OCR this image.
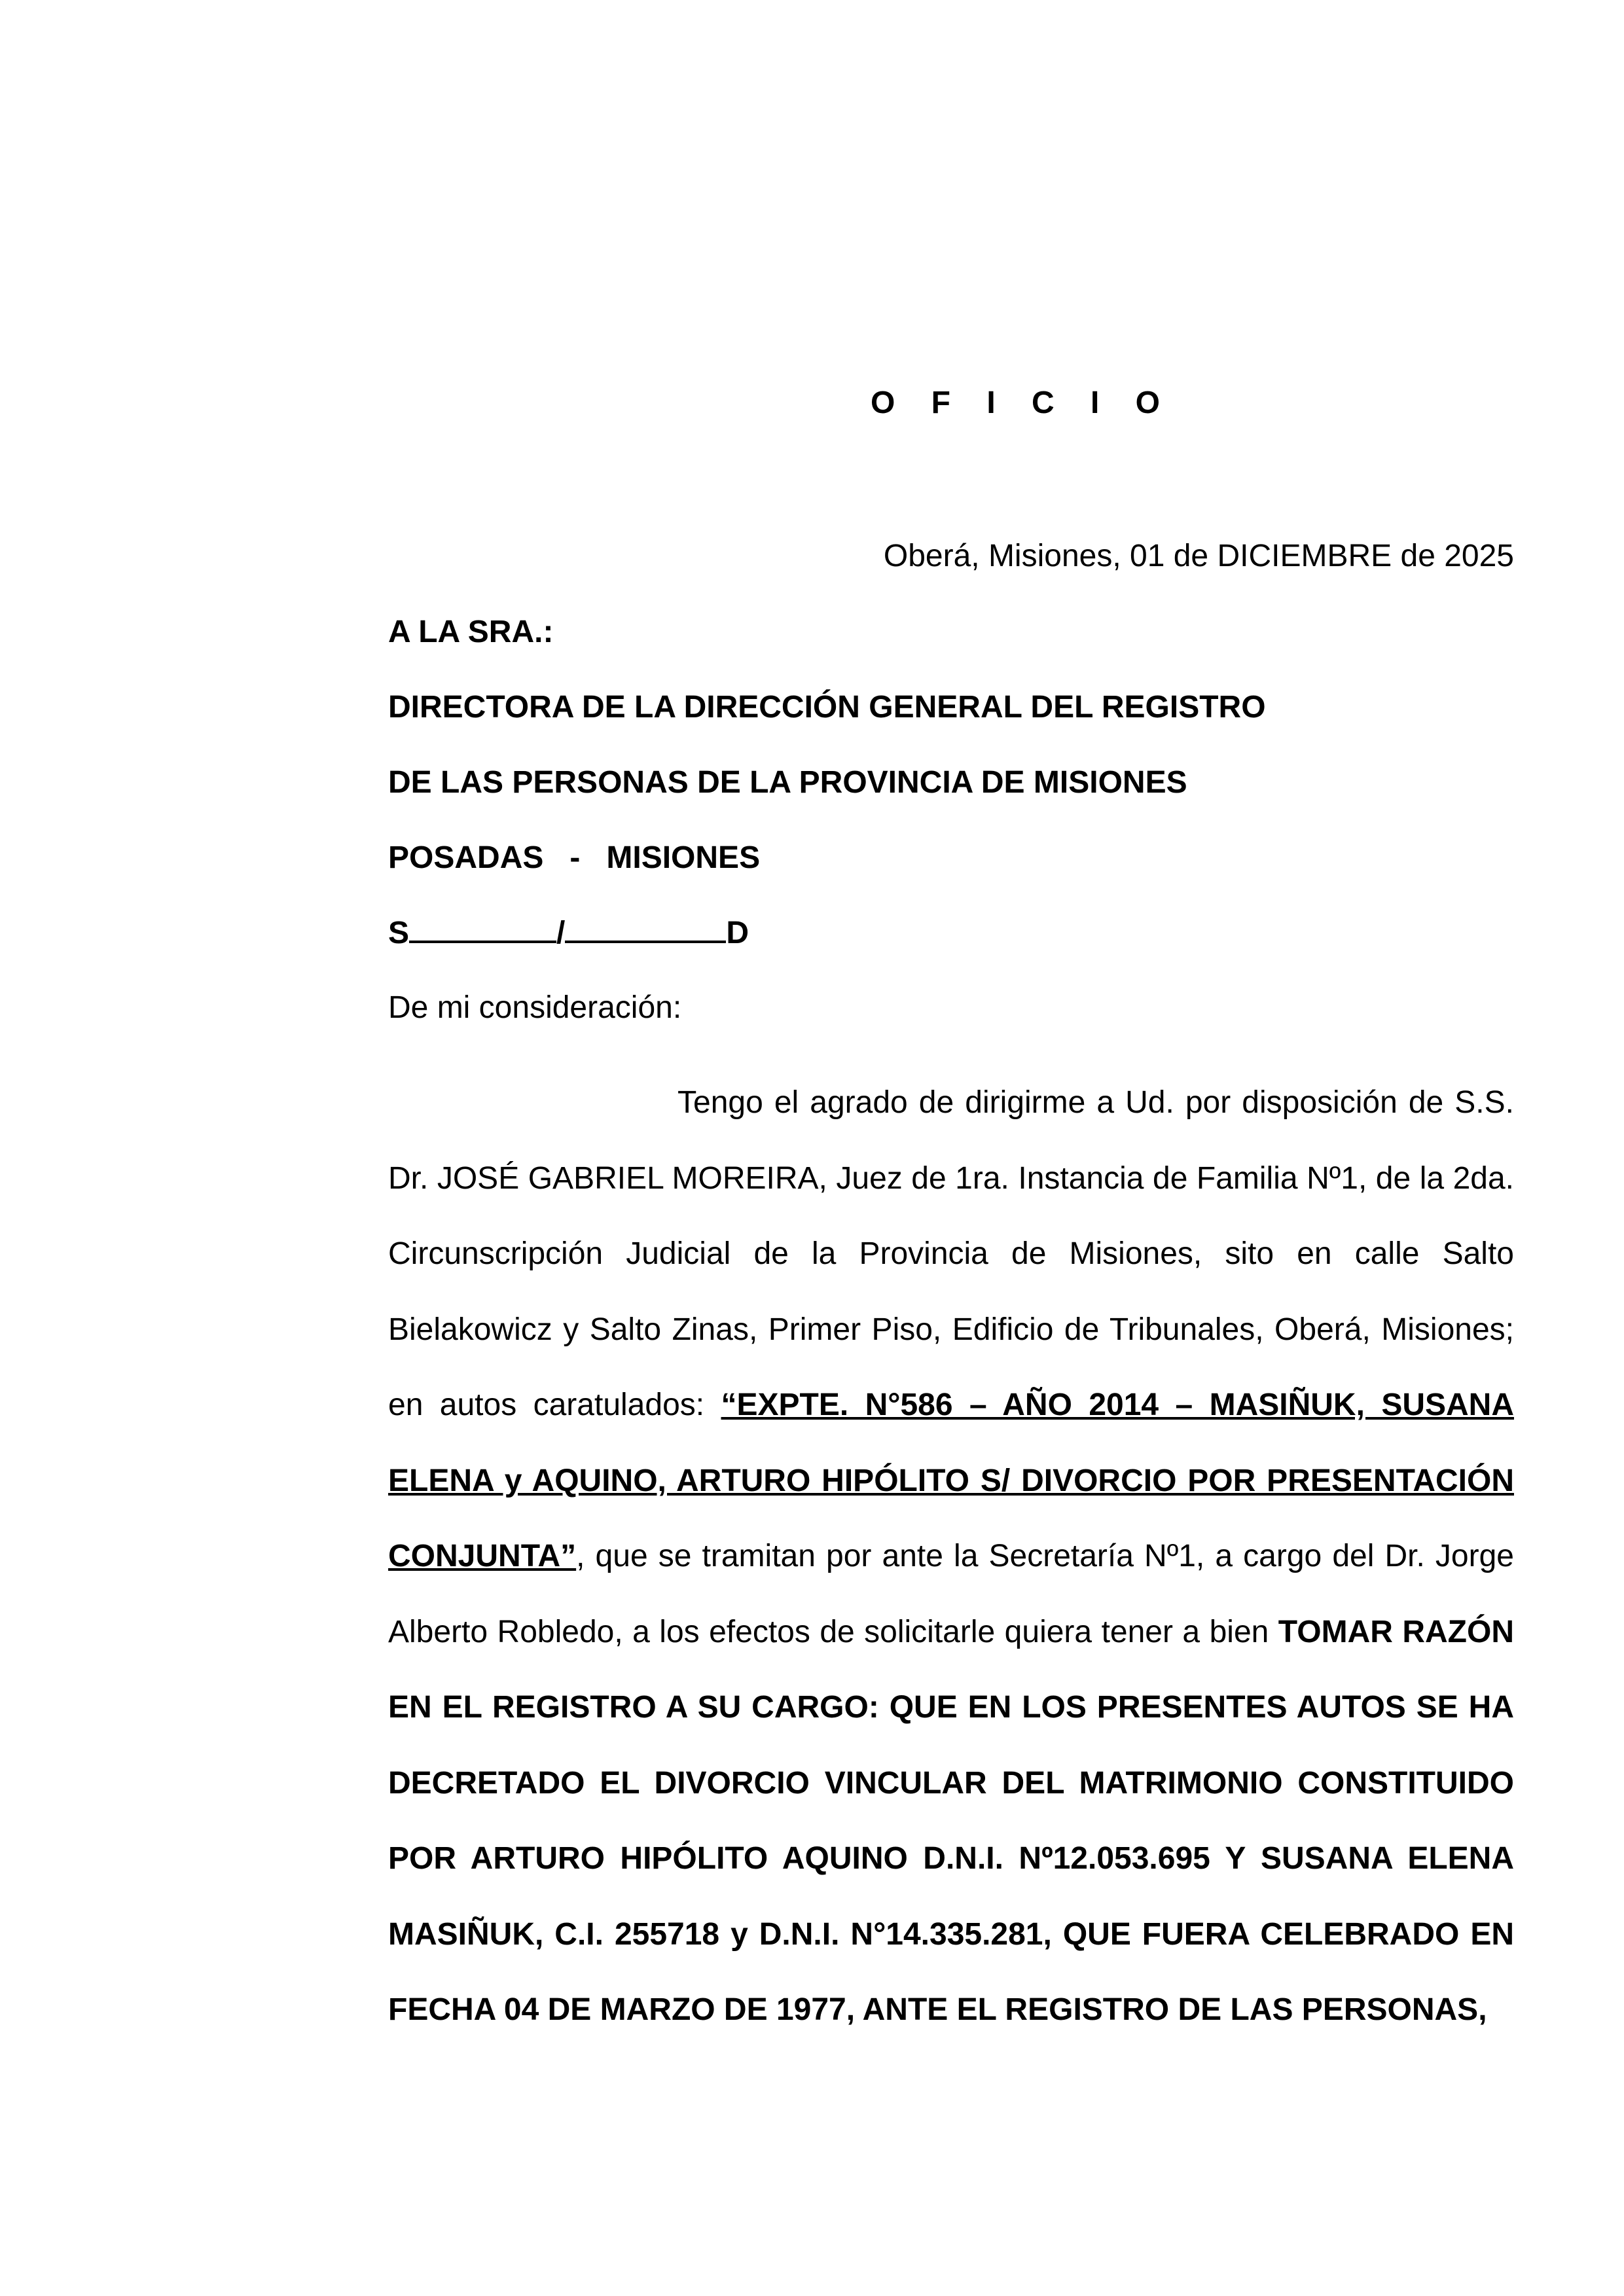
O F I C I O
Oberá, Misiones, 01 de DICIEMBRE de 2025
A LA SRA.:
DIRECTORA DE LA DIRECCIÓN GENERAL DEL REGISTRO
DE LAS PERSONAS DE LA PROVINCIA DE MISIONES
POSADAS   -   MISIONES
S	/	D
De mi consideración:
Tengo el agrado de dirigirme a Ud. por disposición de S.S. Dr. JOSÉ GABRIEL MOREIRA, Juez de 1ra. Instancia de Familia Nº1, de la 2da. Circunscripción Judicial de la Provincia de Misiones, sito en calle Salto Bielakowicz y Salto Zinas, Primer Piso, Edificio de Tribunales, Oberá, Misiones; en autos caratulados: “EXPTE. N°586 – AÑO 2014 – MASIÑUK, SUSANA ELENA y AQUINO, ARTURO HIPÓLITO S/ DIVORCIO POR PRESENTACIÓN CONJUNTA”, que se tramitan por ante la Secretaría Nº1, a cargo del Dr. Jorge Alberto Robledo, a los efectos de solicitarle quiera tener a bien TOMAR RAZÓN EN EL REGISTRO A SU CARGO: QUE EN LOS PRESENTES AUTOS SE HA DECRETADO EL DIVORCIO VINCULAR DEL MATRIMONIO CONSTITUIDO POR ARTURO HIPÓLITO AQUINO D.N.I. Nº12.053.695 Y SUSANA ELENA MASIÑUK, C.I. 255718 y D.N.I. N°14.335.281, QUE FUERA CELEBRADO EN FECHA 04 DE MARZO DE 1977, ANTE EL REGISTRO DE LAS PERSONAS,
